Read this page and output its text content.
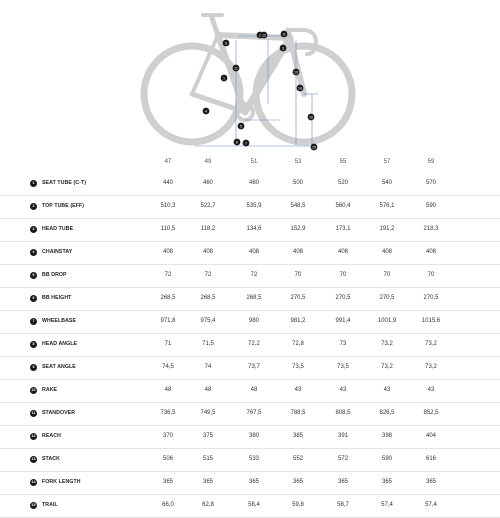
1
2
3
4
5
6 7
8
9
10
11
12
13
14
15
47	49	51	53	55	57	59
1	SEAT TUBE (C-T)	440	460	480	500	520	540	570
2	TOP TUBE (EFF)	510,3	522,7	535,9	548,5	560,4	576,1	590
3	HEAD TUBE	110,5	118,2	134,6	152,9	173,1	191,2	218,3
4	CHAINSTAY	408	408	408	408	408	408	408
5	BB DROP	72	72	72	70	70	70	70
6	BB HEIGHT	268,5	268,5	268,5	270,5	270,5	270,5	270,5
7	WHEELBASE	971,8	975,4	980	981,2	991,4	1001,9	1015,6
8	HEAD ANGLE	71	71,5	72,2	72,8	73	73,2	73,2
9	SEAT ANGLE	74,5	74	73,7	73,5	73,5	73,2	73,2
10 RAKE	48	48	48	43	43	43	43
11	STANDOVER	736,5	749,5	767,5	788,5	808,5	826,5	852,5
12 REACH	370	375	380	385	391	398	404
13 STACK	506	515	533	552	572	590	616
14 FORK LENGTH	365	365	365	365	365	365	365
15 TRAIL	66,0	62,8	58,4	59,8	58,7	57,4	57,4
